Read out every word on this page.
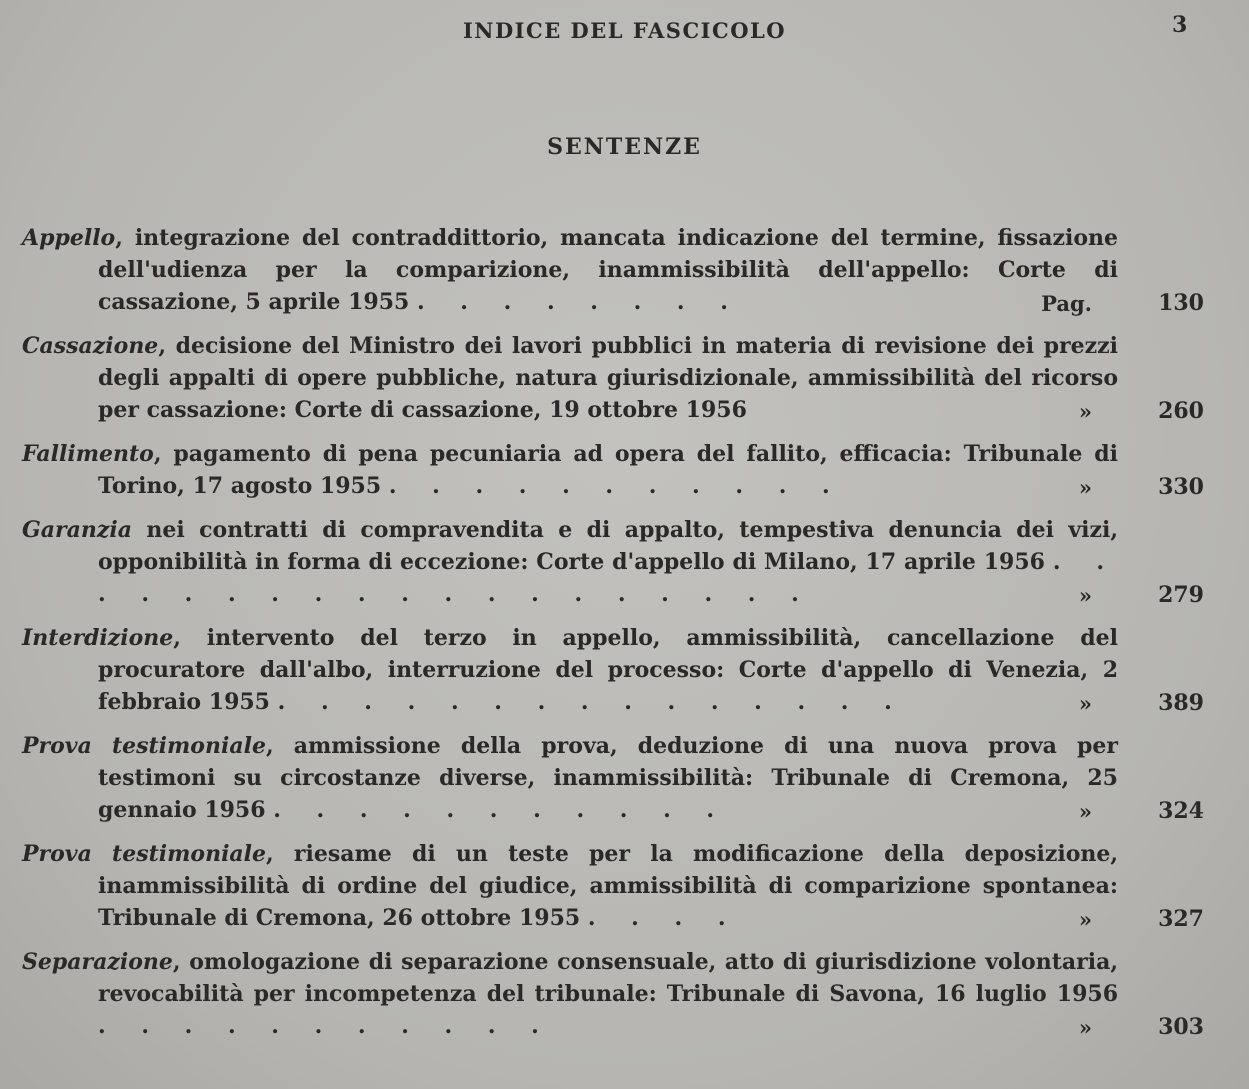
INDICE DEL FASCICOLO	3
SENTENZE
Appello, integrazione del contraddittorio, mancata indicazione del termine, fissazione dell'udienza per la comparizione, inammissibilità dell'appello: Corte di cassazione, 5 aprile 1955 . . . . . . . .	Pag.	130
Cassazione, decisione del Ministro dei lavori pubblici in materia di revisione dei prezzi degli appalti di opere pubbliche, natura giurisdizionale, ammissibilità del ricorso per cassazione: Corte di cassazione, 19 ottobre 1956	»	260
Fallimento, pagamento di pena pecuniaria ad opera del fallito, efficacia: Tribunale di Torino, 17 agosto 1955 . . . . . . . . . . .	»	330
Garanzia nei contratti di compravendita e di appalto, tempestiva denuncia dei vizi, opponibilità in forma di eccezione: Corte d'appello di Milano, 17 aprile 1956 . . . . . . . . . . . . . . . . . . .	»	279
Interdizione, intervento del terzo in appello, ammissibilità, cancellazione del procuratore dall'albo, interruzione del processo: Corte d'appello di Venezia, 2 febbraio 1955 . . . . . . . . . . . . . . .	»	389
Prova testimoniale, ammissione della prova, deduzione di una nuova prova per testimoni su circostanze diverse, inammissibilità: Tribunale di Cremona, 25 gennaio 1956 . . . . . . . . . . .	»	324
Prova testimoniale, riesame di un teste per la modificazione della deposizione, inammissibilità di ordine del giudice, ammissibilità di comparizione spontanea: Tribunale di Cremona, 26 ottobre 1955 . . . .	»	327
Separazione, omologazione di separazione consensuale, atto di giurisdizione volontaria, revocabilità per incompetenza del tribunale: Tribunale di Savona, 16 luglio 1956 . . . . . . . . . . .	»	303
